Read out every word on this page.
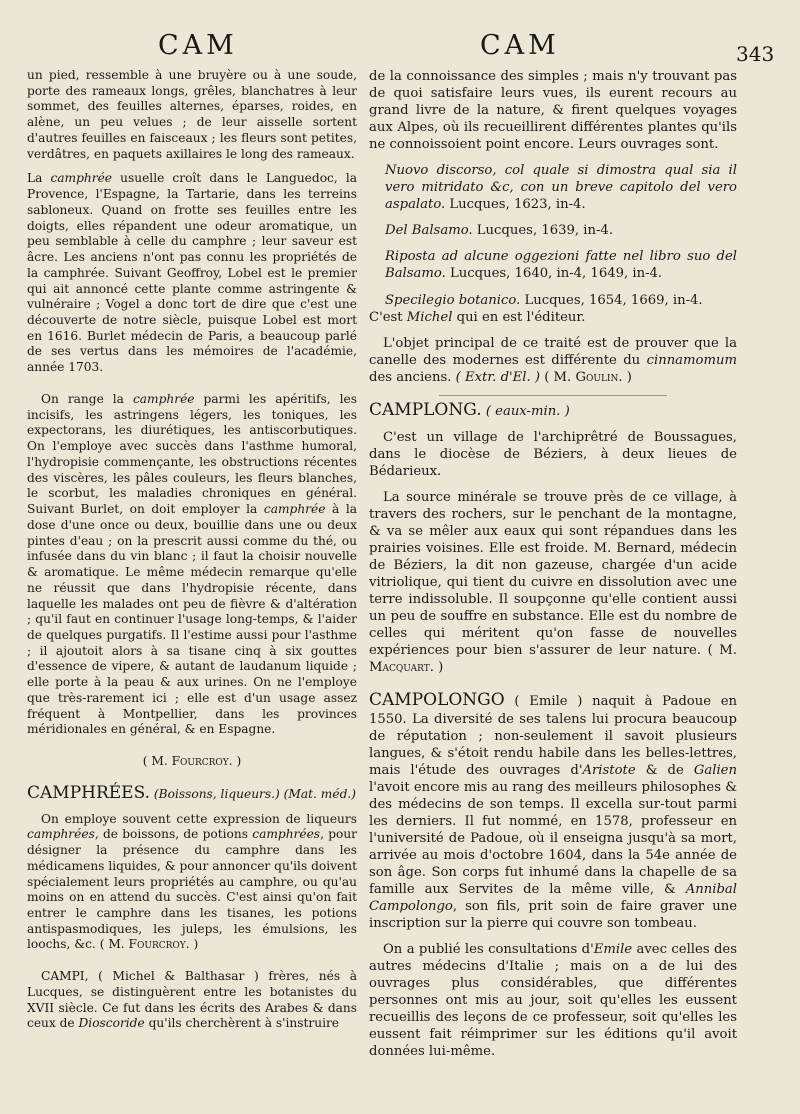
CAM	CAM	343

un pied, ressemble à une bruyère ou à une soude, porte des rameaux longs, grêles, blanchatres à leur sommet, des feuilles alternes, éparses, roides, en alène, un peu velues ; de leur aisselle sortent d'autres feuilles en faisceaux ; les fleurs sont petites, verdâtres, en paquets axillaires le long des rameaux.

La camphrée usuelle croît dans le Languedoc, la Provence, l'Espagne, la Tartarie, dans les terreins sabloneux. Quand on frotte ses feuilles entre les doigts, elles répandent une odeur aromatique, un peu semblable à celle du camphre ; leur saveur est âcre. Les anciens n'ont pas connu les propriétés de la camphrée. Suivant Geoffroy, Lobel est le premier qui ait annoncé cette plante comme astringente & vulnéraire ; Vogel a donc tort de dire que c'est une découverte de notre siècle, puisque Lobel est mort en 1616. Burlet médecin de Paris, a beaucoup parlé de ses vertus dans les mémoires de l'académie, année 1703.

On range la camphrée parmi les apéritifs, les incisifs, les astringens légers, les toniques, les expectorans, les diurétiques, les antiscorbutiques. On l'employe avec succès dans l'asthme humoral, l'hydropisie commençante, les obstructions récentes des viscères, les pâles couleurs, les fleurs blanches, le scorbut, les maladies chroniques en général. Suivant Burlet, on doit employer la camphrée à la dose d'une once ou deux, bouillie dans une ou deux pintes d'eau ; on la prescrit aussi comme du thé, ou infusée dans du vin blanc ; il faut la choisir nouvelle & aromatique. Le même médecin remarque qu'elle ne réussit que dans l'hydropisie récente, dans laquelle les malades ont peu de fièvre & d'altération ; qu'il faut en continuer l'usage long-temps, & l'aider de quelques purgatifs. Il l'estime aussi pour l'asthme ; il ajoutoit alors à sa tisane cinq à six gouttes d'essence de vipere, & autant de laudanum liquide ; elle porte à la peau & aux urines. On ne l'employe que très-rarement ici ; elle est d'un usage assez fréquent à Montpellier, dans les provinces méridionales en général, & en Espagne.

( M. Fourcroy. )

CAMPHRÉES. (Boissons, liqueurs.) (Mat. méd.)

On employe souvent cette expression de liqueurs camphrées, de boissons, de potions camphrées, pour désigner la présence du camphre dans les médicamens liquides, & pour annoncer qu'ils doivent spécialement leurs propriétés au camphre, ou qu'au moins on en attend du succès. C'est ainsi qu'on fait entrer le camphre dans les tisanes, les potions antispasmodiques, les juleps, les émulsions, les loochs, &c. ( M. Fourcroy. )

CAMPI, ( Michel & Balthasar ) frères, nés à Lucques, se distinguèrent entre les botanistes du XVII siècle. Ce fut dans les écrits des Arabes & dans ceux de Dioscoride qu'ils cherchèrent à s'instruire

de la connoissance des simples ; mais n'y trouvant pas de quoi satisfaire leurs vues, ils eurent recours au grand livre de la nature, & firent quelques voyages aux Alpes, où ils recueillirent différentes plantes qu'ils ne connoissoient point encore. Leurs ouvrages sont.

Nuovo discorso, col quale si dimostra qual sia il vero mitridato &c, con un breve capitolo del vero aspalato. Lucques, 1623, in-4.

Del Balsamo. Lucques, 1639, in-4.

Riposta ad alcune oggezioni fatte nel libro suo del Balsamo. Lucques, 1640, in-4, 1649, in-4.

Specilegio botanico. Lucques, 1654, 1669, in-4.

C'est Michel qui en est l'éditeur.

L'objet principal de ce traité est de prouver que la canelle des modernes est différente du cinnamomum des anciens. ( Extr. d'El. ) ( M. Goulin. )

CAMPLONG. ( eaux-min. )

C'est un village de l'archiprêtré de Boussagues, dans le diocèse de Béziers, à deux lieues de Bédarieux.

La source minérale se trouve près de ce village, à travers des rochers, sur le penchant de la montagne, & va se mêler aux eaux qui sont répandues dans les prairies voisines. Elle est froide. M. Bernard, médecin de Béziers, la dit non gazeuse, chargée d'un acide vitriolique, qui tient du cuivre en dissolution avec une terre indissoluble. Il soupçonne qu'elle contient aussi un peu de souffre en substance. Elle est du nombre de celles qui méritent qu'on fasse de nouvelles expériences pour bien s'assurer de leur nature. ( M. Macquart. )

CAMPOLONGO ( Emile ) naquit à Padoue en 1550. La diversité de ses talens lui procura beaucoup de réputation ; non-seulement il savoit plusieurs langues, & s'étoit rendu habile dans les belles-lettres, mais l'étude des ouvrages d'Aristote & de Galien l'avoit encore mis au rang des meilleurs philosophes & des médecins de son temps. Il excella sur-tout parmi les derniers. Il fut nommé, en 1578, professeur en l'université de Padoue, où il enseigna jusqu'à sa mort, arrivée au mois d'octobre 1604, dans la 54e année de son âge. Son corps fut inhumé dans la chapelle de sa famille aux Servites de la même ville, & Annibal Campolongo, son fils, prit soin de faire graver une inscription sur la pierre qui couvre son tombeau.

On a publié les consultations d'Emile avec celles des autres médecins d'Italie ; mais on a de lui des ouvrages plus considérables, que différentes personnes ont mis au jour, soit qu'elles les eussent recueillis des leçons de ce professeur, soit qu'elles les eussent fait réimprimer sur les éditions qu'il avoit données lui-même.
